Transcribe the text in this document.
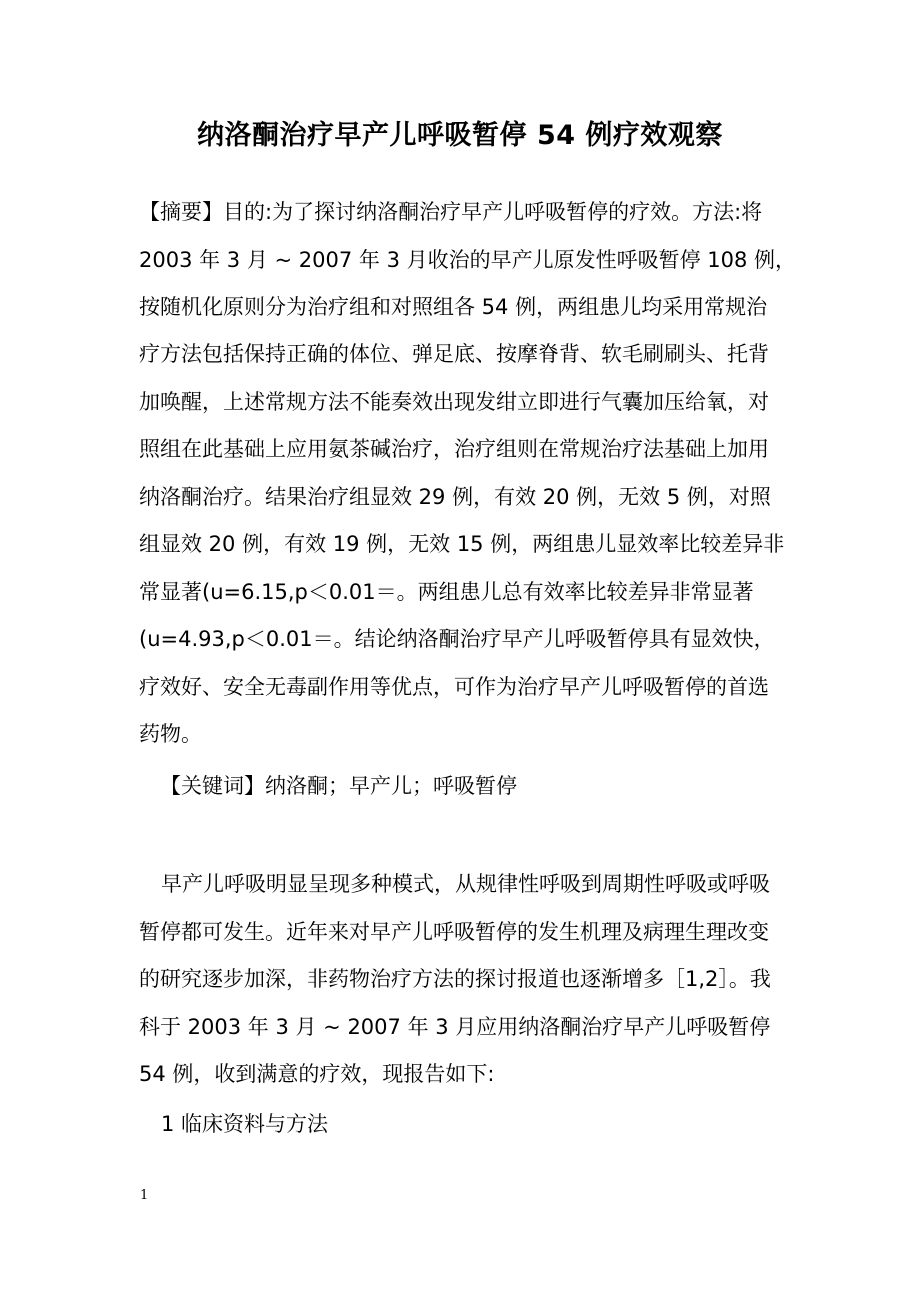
纳洛酮治疗早产儿呼吸暂停 54 例疗效观察
【摘要】目的:为了探讨纳洛酮治疗早产儿呼吸暂停的疗效。方法:将
2003 年 3 月 ~ 2007 年 3 月收治的早产儿原发性呼吸暂停 108 例，
按随机化原则分为治疗组和对照组各 54 例，两组患儿均采用常规治
疗方法包括保持正确的体位、弹足底、按摩脊背、软毛刷刷头、托背
加唤醒，上述常规方法不能奏效出现发绀立即进行气囊加压给氧，对
照组在此基础上应用氨茶碱治疗，治疗组则在常规治疗法基础上加用
纳洛酮治疗。结果治疗组显效 29 例，有效 20 例，无效 5 例，对照
组显效 20 例，有效 19 例，无效 15 例，两组患儿显效率比较差异非
常显著(u=6.15,p＜0.01＝。两组患儿总有效率比较差异非常显著
(u=4.93,p＜0.01＝。结论纳洛酮治疗早产儿呼吸暂停具有显效快，
疗效好、安全无毒副作用等优点，可作为治疗早产儿呼吸暂停的首选
药物。
【关键词】纳洛酮；早产儿；呼吸暂停
早产儿呼吸明显呈现多种模式，从规律性呼吸到周期性呼吸或呼吸
暂停都可发生。近年来对早产儿呼吸暂停的发生机理及病理生理改变
的研究逐步加深，非药物治疗方法的探讨报道也逐渐增多［1,2］。我
科于 2003 年 3 月 ~ 2007 年 3 月应用纳洛酮治疗早产儿呼吸暂停
54 例，收到满意的疗效，现报告如下:
1 临床资料与方法
1
